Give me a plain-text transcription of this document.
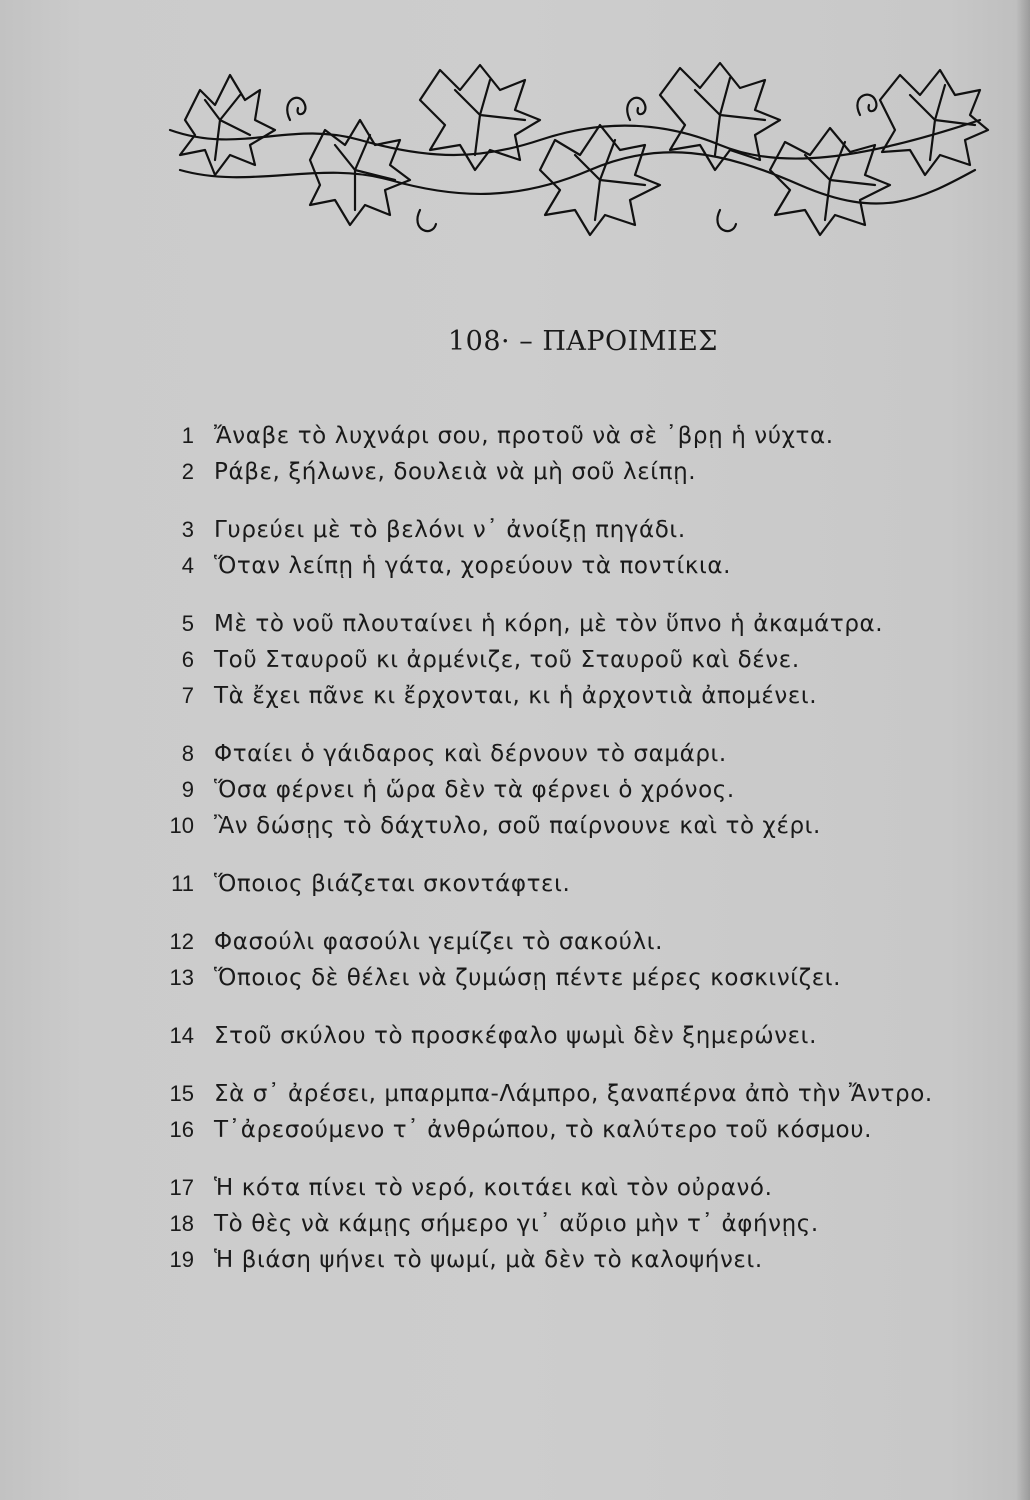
108· – ΠΑΡΟΙΜΙΕΣ
1 Ἄναβε τὸ λυχνάρι σου, προτοῦ νὰ σὲ ᾽βρῃ ἡ νύχτα.
2 Ράβε, ξήλωνε, δουλειὰ νὰ μὴ σοῦ λείπῃ.
3 Γυρεύει μὲ τὸ βελόνι ν᾽ ἀνοίξῃ πηγάδι.
4 Ὅταν λείπῃ ἡ γάτα, χορεύουν τὰ ποντίκια.
5 Μὲ τὸ νοῦ πλουταίνει ἡ κόρη, μὲ τὸν ὕπνο ἡ ἀκαμάτρα.
6 Τοῦ Σταυροῦ κι ἀρμένιζε, τοῦ Σταυροῦ καὶ δένε.
7 Τὰ ἔχει πᾶνε κι ἔρχονται, κι ἡ ἀρχοντιὰ ἀπομένει.
8 Φταίει ὁ γάιδαρος καὶ δέρνουν τὸ σαμάρι.
9 Ὅσα φέρνει ἡ ὥρα δὲν τὰ φέρνει ὁ χρόνος.
10 Ἂν δώσῃς τὸ δάχτυλο, σοῦ παίρνουνε καὶ τὸ χέρι.
11 Ὅποιος βιάζεται σκοντάφτει.
12 Φασούλι φασούλι γεμίζει τὸ σακούλι.
13 Ὅποιος δὲ θέλει νὰ ζυμώσῃ πέντε μέρες κοσκινίζει.
14 Στοῦ σκύλου τὸ προσκέφαλο ψωμὶ δὲν ξημερώνει.
15 Σὰ σ᾽ ἀρέσει, μπαρμπα-Λάμπρο, ξαναπέρνα ἀπὸ τὴν Ἄντρο.
16 Τ᾽ἀρεσούμενο τ᾽ ἀνθρώπου, τὸ καλύτερο τοῦ κόσμου.
17 Ἡ κότα πίνει τὸ νερό, κοιτάει καὶ τὸν οὐρανό.
18 Τὸ θὲς νὰ κάμῃς σήμερο γι᾽ αὔριο μὴν τ᾽ ἀφήνῃς.
19 Ἡ βιάση ψήνει τὸ ψωμί, μὰ δὲν τὸ καλοψήνει.
